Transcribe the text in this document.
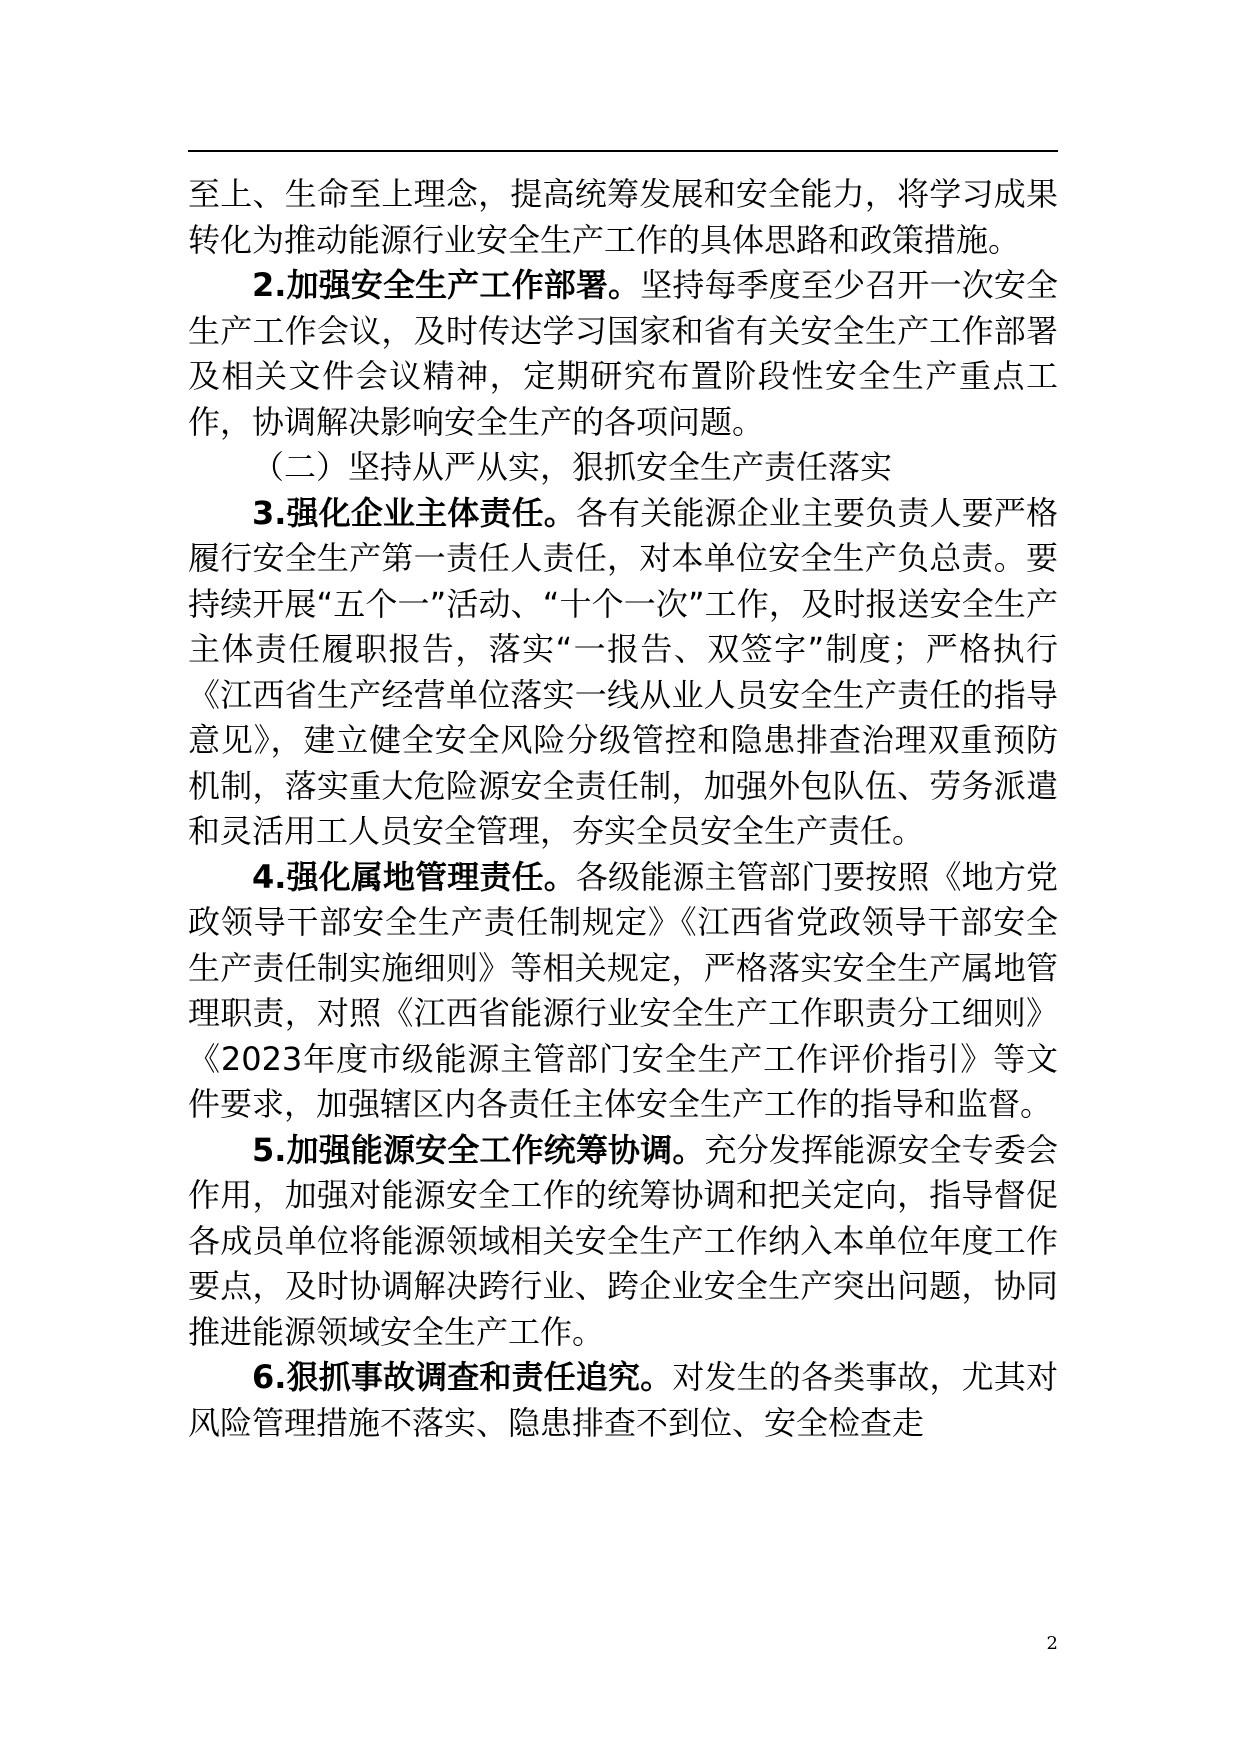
至上、生命至上理念，提高统筹发展和安全能力，将学习成果转化为推动能源行业安全生产工作的具体思路和政策措施。

2.加强安全生产工作部署。坚持每季度至少召开一次安全生产工作会议，及时传达学习国家和省有关安全生产工作部署及相关文件会议精神，定期研究布置阶段性安全生产重点工作，协调解决影响安全生产的各项问题。

（二）坚持从严从实，狠抓安全生产责任落实

3.强化企业主体责任。各有关能源企业主要负责人要严格履行安全生产第一责任人责任，对本单位安全生产负总责。要持续开展“五个一”活动、“十个一次”工作，及时报送安全生产主体责任履职报告，落实“一报告、双签字”制度；严格执行《江西省生产经营单位落实一线从业人员安全生产责任的指导意见》，建立健全安全风险分级管控和隐患排查治理双重预防机制，落实重大危险源安全责任制，加强外包队伍、劳务派遣和灵活用工人员安全管理，夯实全员安全生产责任。

4.强化属地管理责任。各级能源主管部门要按照《地方党政领导干部安全生产责任制规定》《江西省党政领导干部安全生产责任制实施细则》等相关规定，严格落实安全生产属地管理职责，对照《江西省能源行业安全生产工作职责分工细则》《2023年度市级能源主管部门安全生产工作评价指引》等文件要求，加强辖区内各责任主体安全生产工作的指导和监督。

5.加强能源安全工作统筹协调。充分发挥能源安全专委会作用，加强对能源安全工作的统筹协调和把关定向，指导督促各成员单位将能源领域相关安全生产工作纳入本单位年度工作要点，及时协调解决跨行业、跨企业安全生产突出问题，协同推进能源领域安全生产工作。

6.狠抓事故调查和责任追究。对发生的各类事故，尤其对风险管理措施不落实、隐患排查不到位、安全检查走

2
